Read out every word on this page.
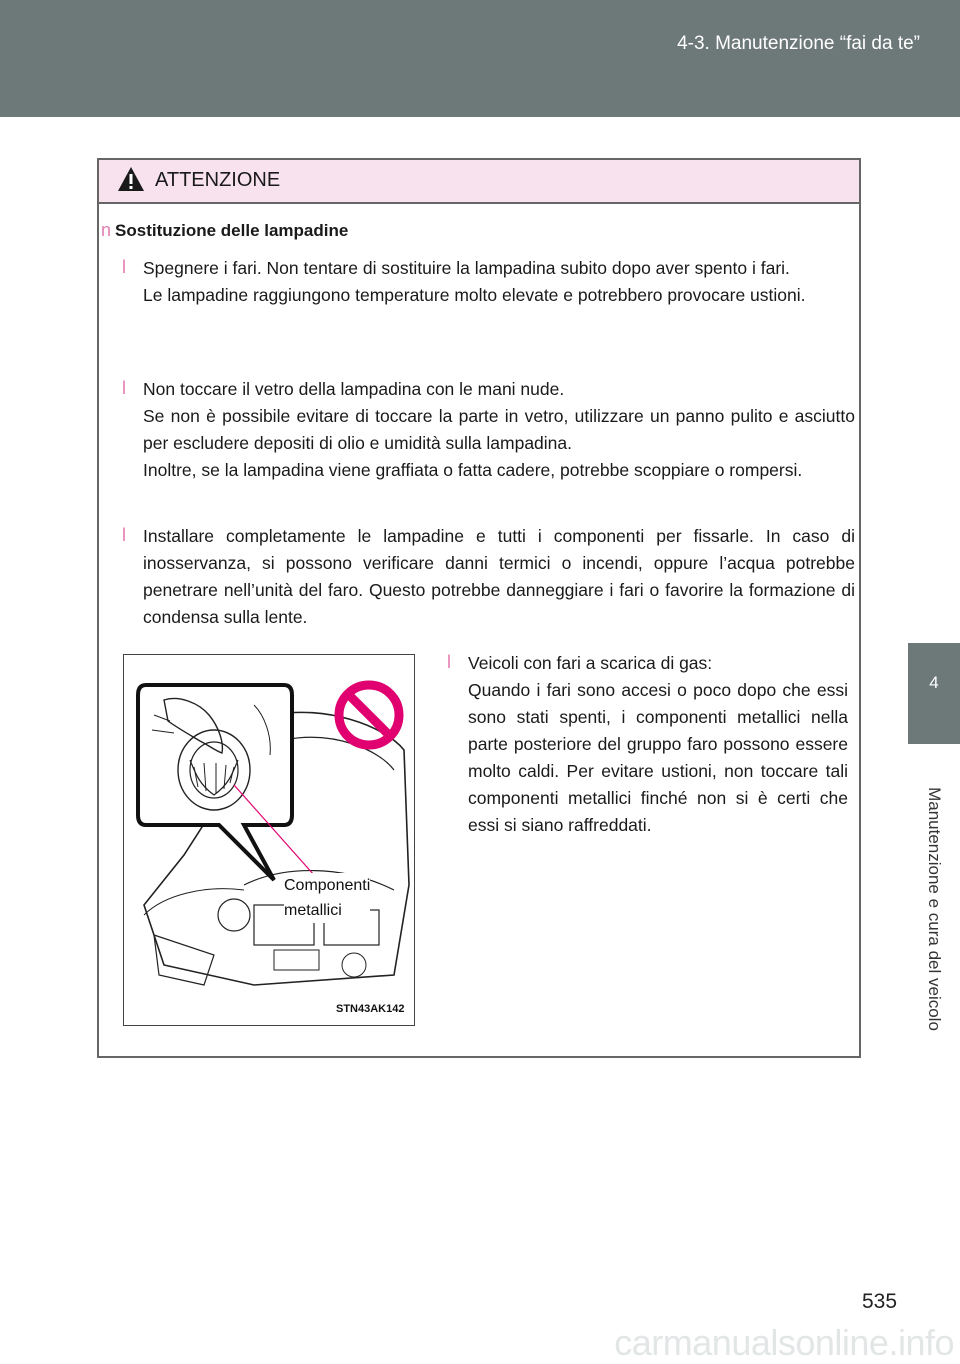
4-3. Manutenzione “fai da te”
4
Manutenzione e cura del veicolo
ATTENZIONE
n Sostituzione delle lampadine
l Spegnere i fari. Non tentare di sostituire la lampadina subito dopo aver spento i fari.

Le lampadine raggiungono temperature molto elevate e potrebbero provocare ustioni.

l Non toccare il vetro della lampadina con le mani nude.

Se non è possibile evitare di toccare la parte in vetro, utilizzare un panno pulito e asciutto per escludere depositi di olio e umidità sulla lampadina.

Inoltre, se la lampadina viene graffiata o fatta cadere, potrebbe scoppiare o rompersi.

l Installare completamente le lampadine e tutti i componenti per fissarle. In caso di inosservanza, si possono verificare danni termici o incendi, oppure l’acqua potrebbe penetrare nell’unità del faro. Questo potrebbe danneggiare i fari o favorire la formazione di condensa sulla lente.

Componenti
metallici
STN43AK142
l Veicoli con fari a scarica di gas:

Quando i fari sono accesi o poco dopo che essi sono stati spenti, i componenti metallici nella parte posteriore del gruppo faro possono essere molto caldi. Per evitare ustioni, non toccare tali componenti metallici finché non si è certi che essi si siano raffreddati.

535
carmanualsonline.info
